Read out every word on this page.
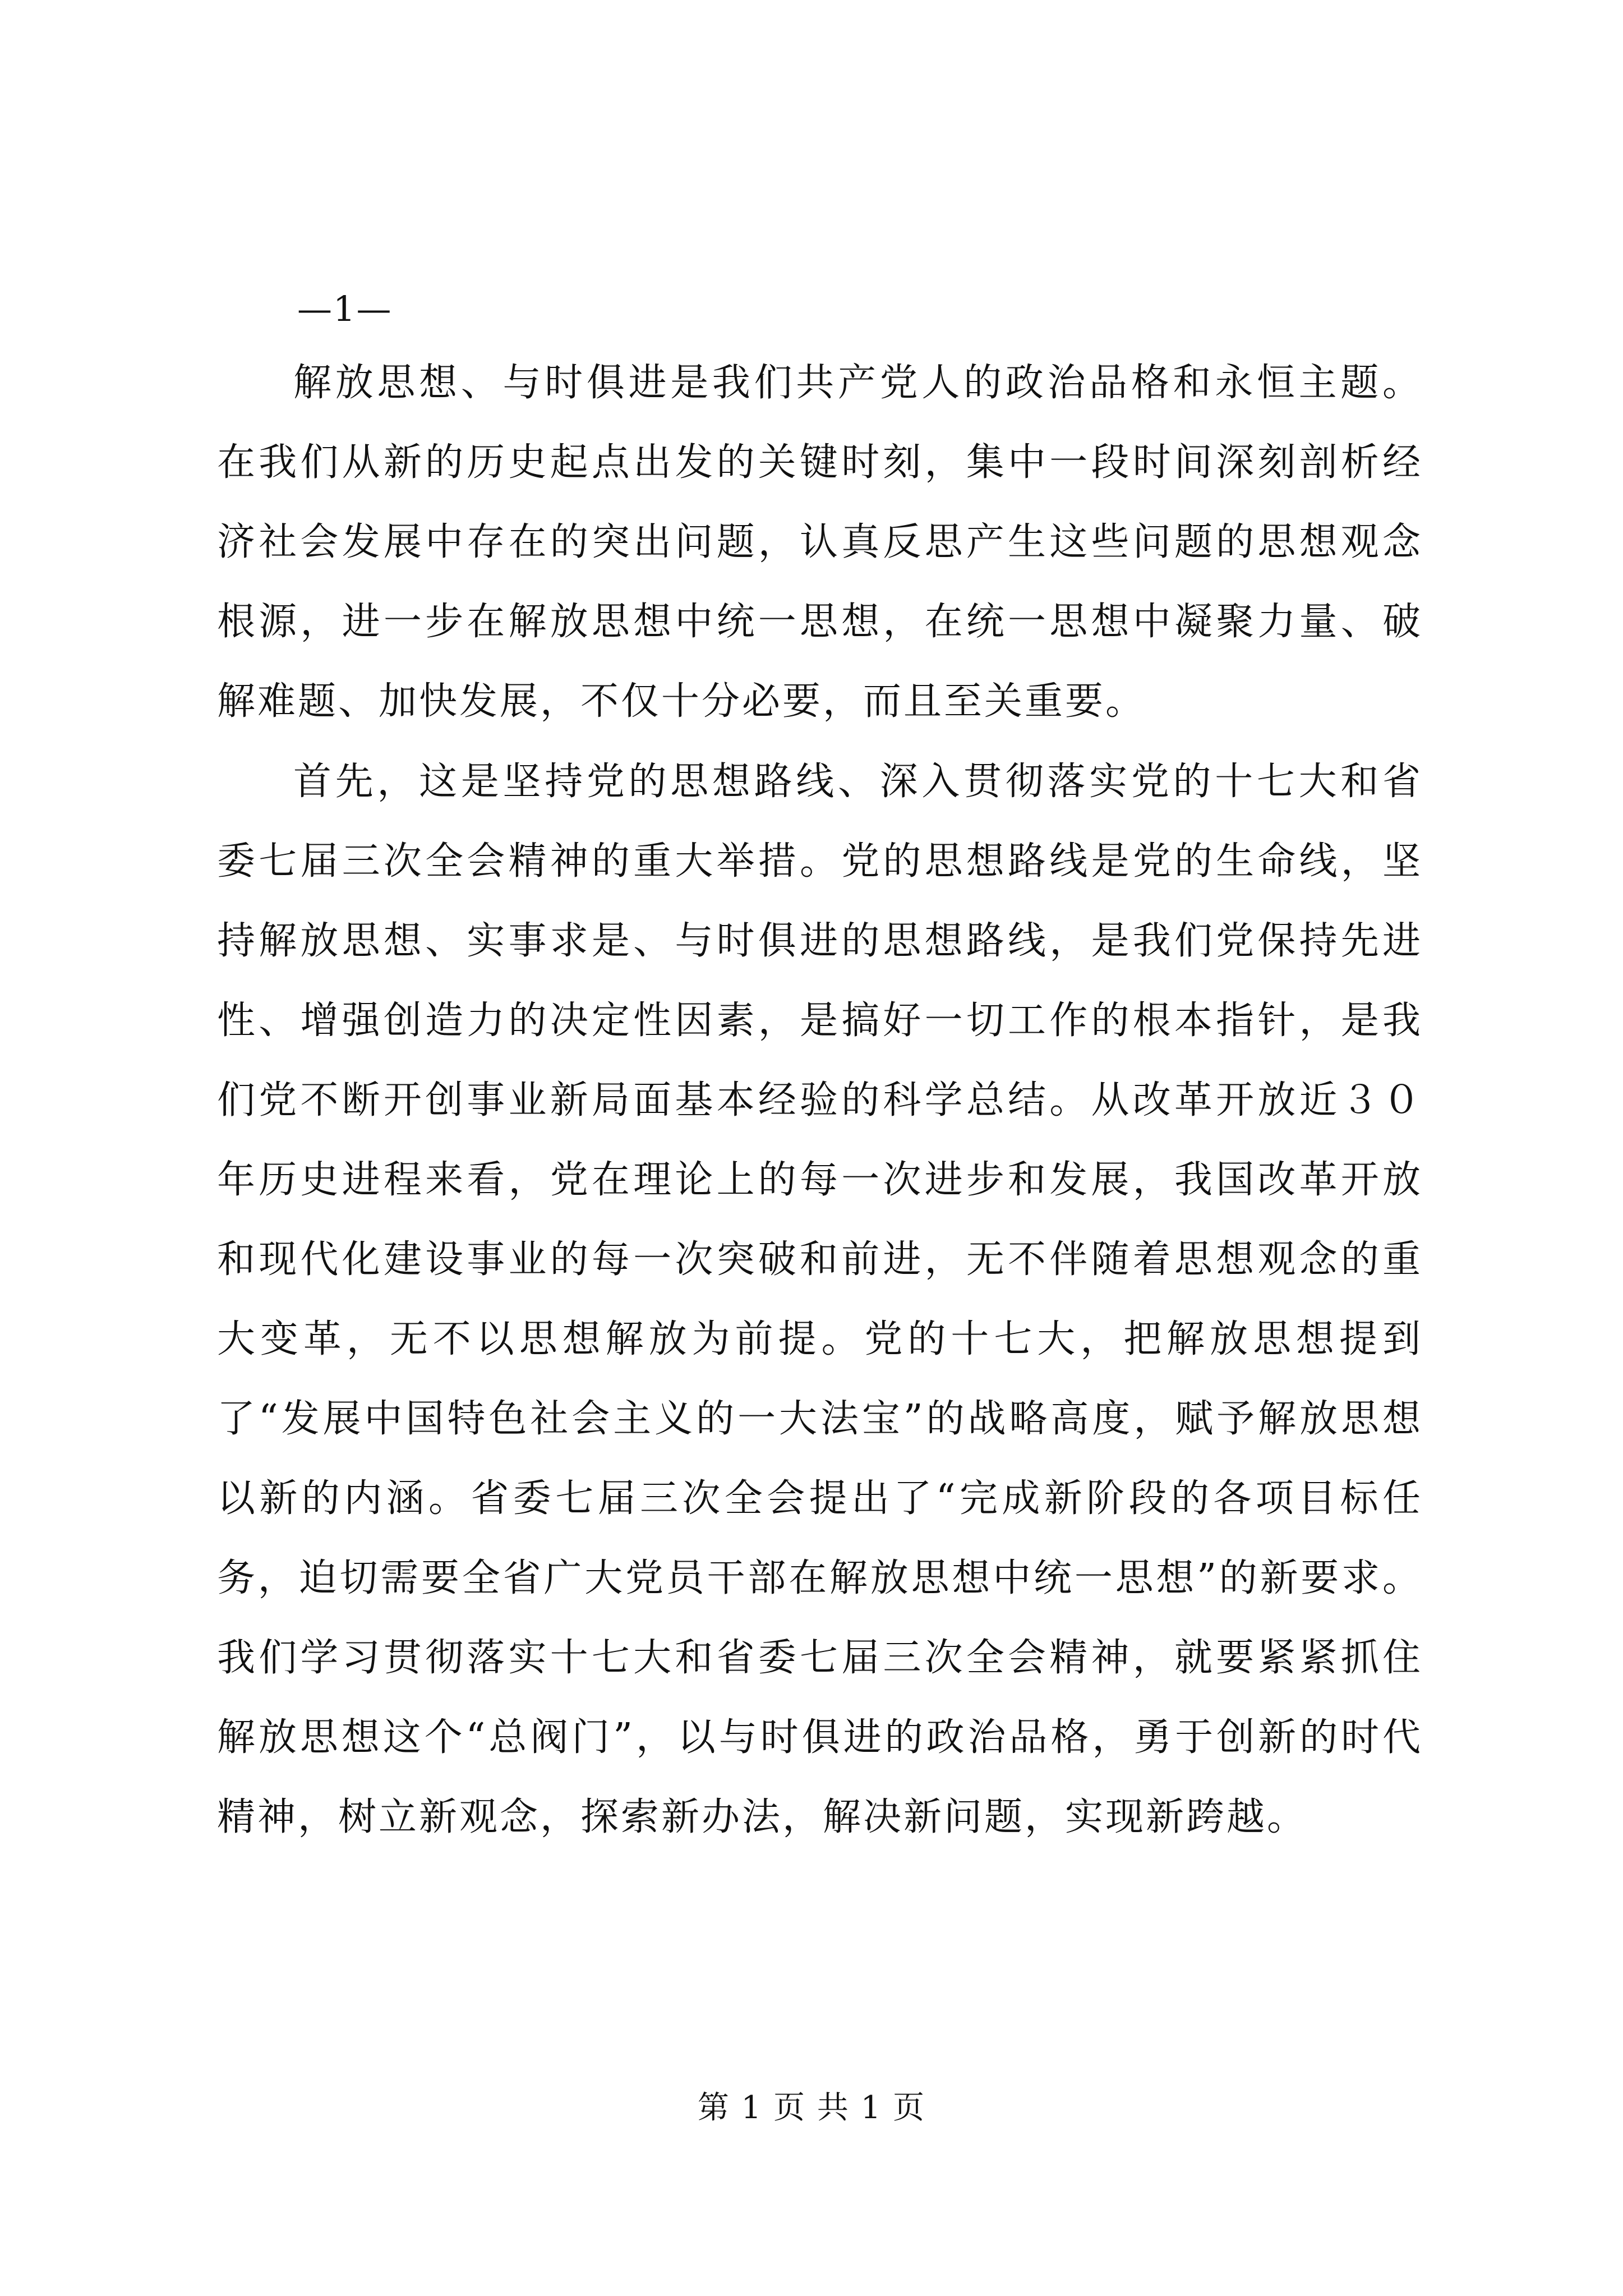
—1—

解放思想、与时俱进是我们共产党人的政治品格和永恒主题。在我们从新的历史起点出发的关键时刻，集中一段时间深刻剖析经济社会发展中存在的突出问题，认真反思产生这些问题的思想观念根源，进一步在解放思想中统一思想，在统一思想中凝聚力量、破解难题、加快发展，不仅十分必要，而且至关重要。

首先，这是坚持党的思想路线、深入贯彻落实党的十七大和省委七届三次全会精神的重大举措。党的思想路线是党的生命线，坚持解放思想、实事求是、与时俱进的思想路线，是我们党保持先进性、增强创造力的决定性因素，是搞好一切工作的根本指针，是我们党不断开创事业新局面基本经验的科学总结。从改革开放近３０年历史进程来看，党在理论上的每一次进步和发展，我国改革开放和现代化建设事业的每一次突破和前进，无不伴随着思想观念的重大变革，无不以思想解放为前提。党的十七大，把解放思想提到了“发展中国特色社会主义的一大法宝”的战略高度，赋予解放思想以新的内涵。省委七届三次全会提出了“完成新阶段的各项目标任务，迫切需要全省广大党员干部在解放思想中统一思想”的新要求。我们学习贯彻落实十七大和省委七届三次全会精神，就要紧紧抓住解放思想这个“总阀门”，以与时俱进的政治品格，勇于创新的时代精神，树立新观念，探索新办法，解决新问题，实现新跨越。

第 1 页 共 1 页
